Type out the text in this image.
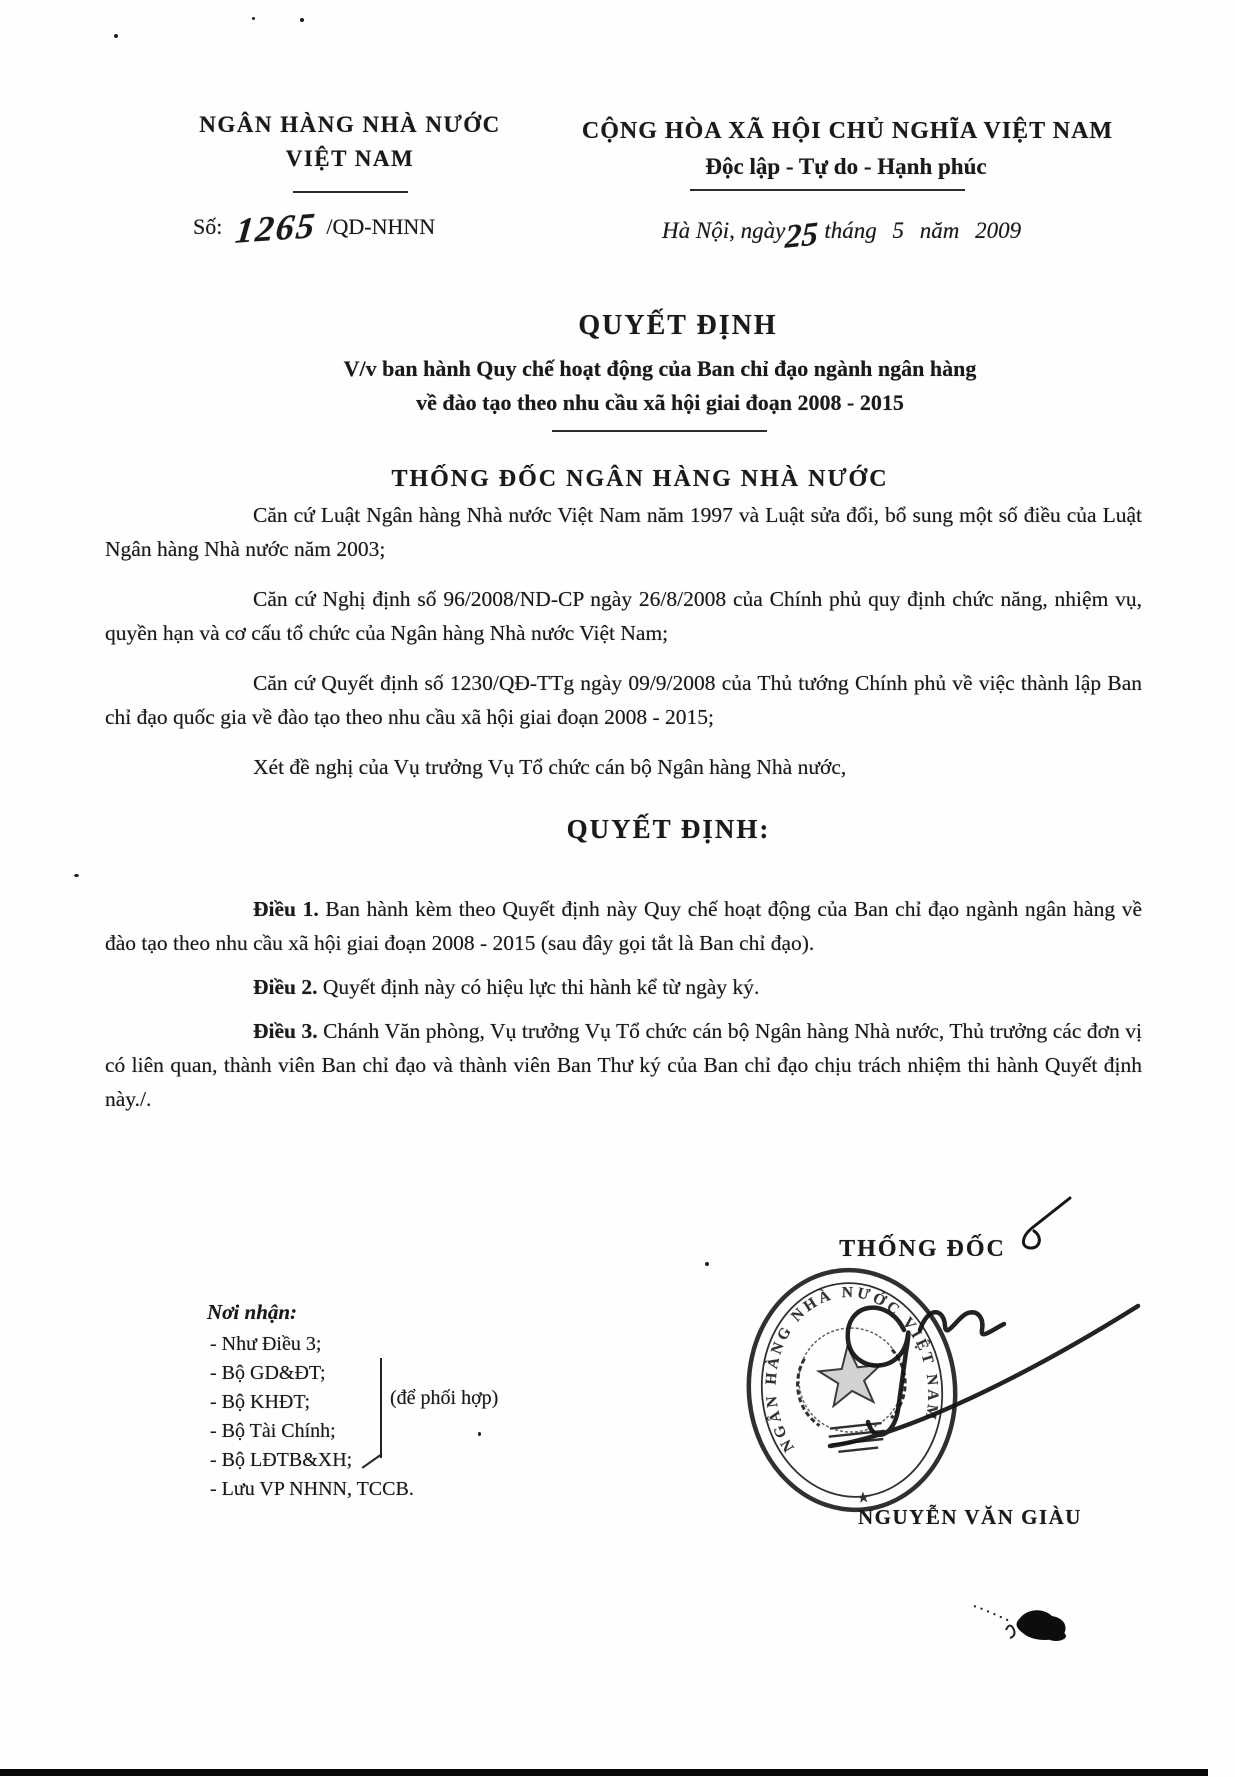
NGÂN HÀNG NHÀ NƯỚC
VIỆT NAM
Số: 1265 /QD-NHNN
CỘNG HÒA XÃ HỘI CHỦ NGHĨA VIỆT NAM
Độc lập - Tự do - Hạnh phúc
Hà Nội, ngày25 tháng 5 năm 2009
QUYẾT ĐỊNH
V/v ban hành Quy chế hoạt động của Ban chỉ đạo ngành ngân hàng
về đào tạo theo nhu cầu xã hội giai đoạn 2008 - 2015
THỐNG ĐỐC NGÂN HÀNG NHÀ NƯỚC

Căn cứ Luật Ngân hàng Nhà nước Việt Nam năm 1997 và Luật sửa đổi, bổ sung một số điều của Luật Ngân hàng Nhà nước năm 2003;

Căn cứ Nghị định số 96/2008/ND-CP ngày 26/8/2008 của Chính phủ quy định chức năng, nhiệm vụ, quyền hạn và cơ cấu tổ chức của Ngân hàng Nhà nước Việt Nam;

Căn cứ Quyết định số 1230/QĐ-TTg ngày 09/9/2008 của Thủ tướng Chính phủ về việc thành lập Ban chỉ đạo quốc gia về đào tạo theo nhu cầu xã hội giai đoạn 2008 - 2015;

Xét đề nghị của Vụ trưởng Vụ Tổ chức cán bộ Ngân hàng Nhà nước,

QUYẾT ĐỊNH:

Điều 1. Ban hành kèm theo Quyết định này Quy chế hoạt động của Ban chỉ đạo ngành ngân hàng về đào tạo theo nhu cầu xã hội giai đoạn 2008 - 2015 (sau đây gọi tắt là Ban chỉ đạo).

Điều 2. Quyết định này có hiệu lực thi hành kể từ ngày ký.

Điều 3. Chánh Văn phòng, Vụ trưởng Vụ Tổ chức cán bộ Ngân hàng Nhà nước, Thủ trưởng các đơn vị có liên quan, thành viên Ban chỉ đạo và thành viên Ban Thư ký của Ban chỉ đạo chịu trách nhiệm thi hành Quyết định này./.

THỐNG ĐỐC
NGÂN HÀNG NHÀ NƯỚC VIỆT NAM
★
NGUYỄN VĂN GIÀU
Nơi nhận:
- Như Điều 3;
- Bộ GD&ĐT;
- Bộ KHĐT;
- Bộ Tài Chính;
- Bộ LĐTB&XH;
- Lưu VP NHNN, TCCB.
(để phối hợp)
